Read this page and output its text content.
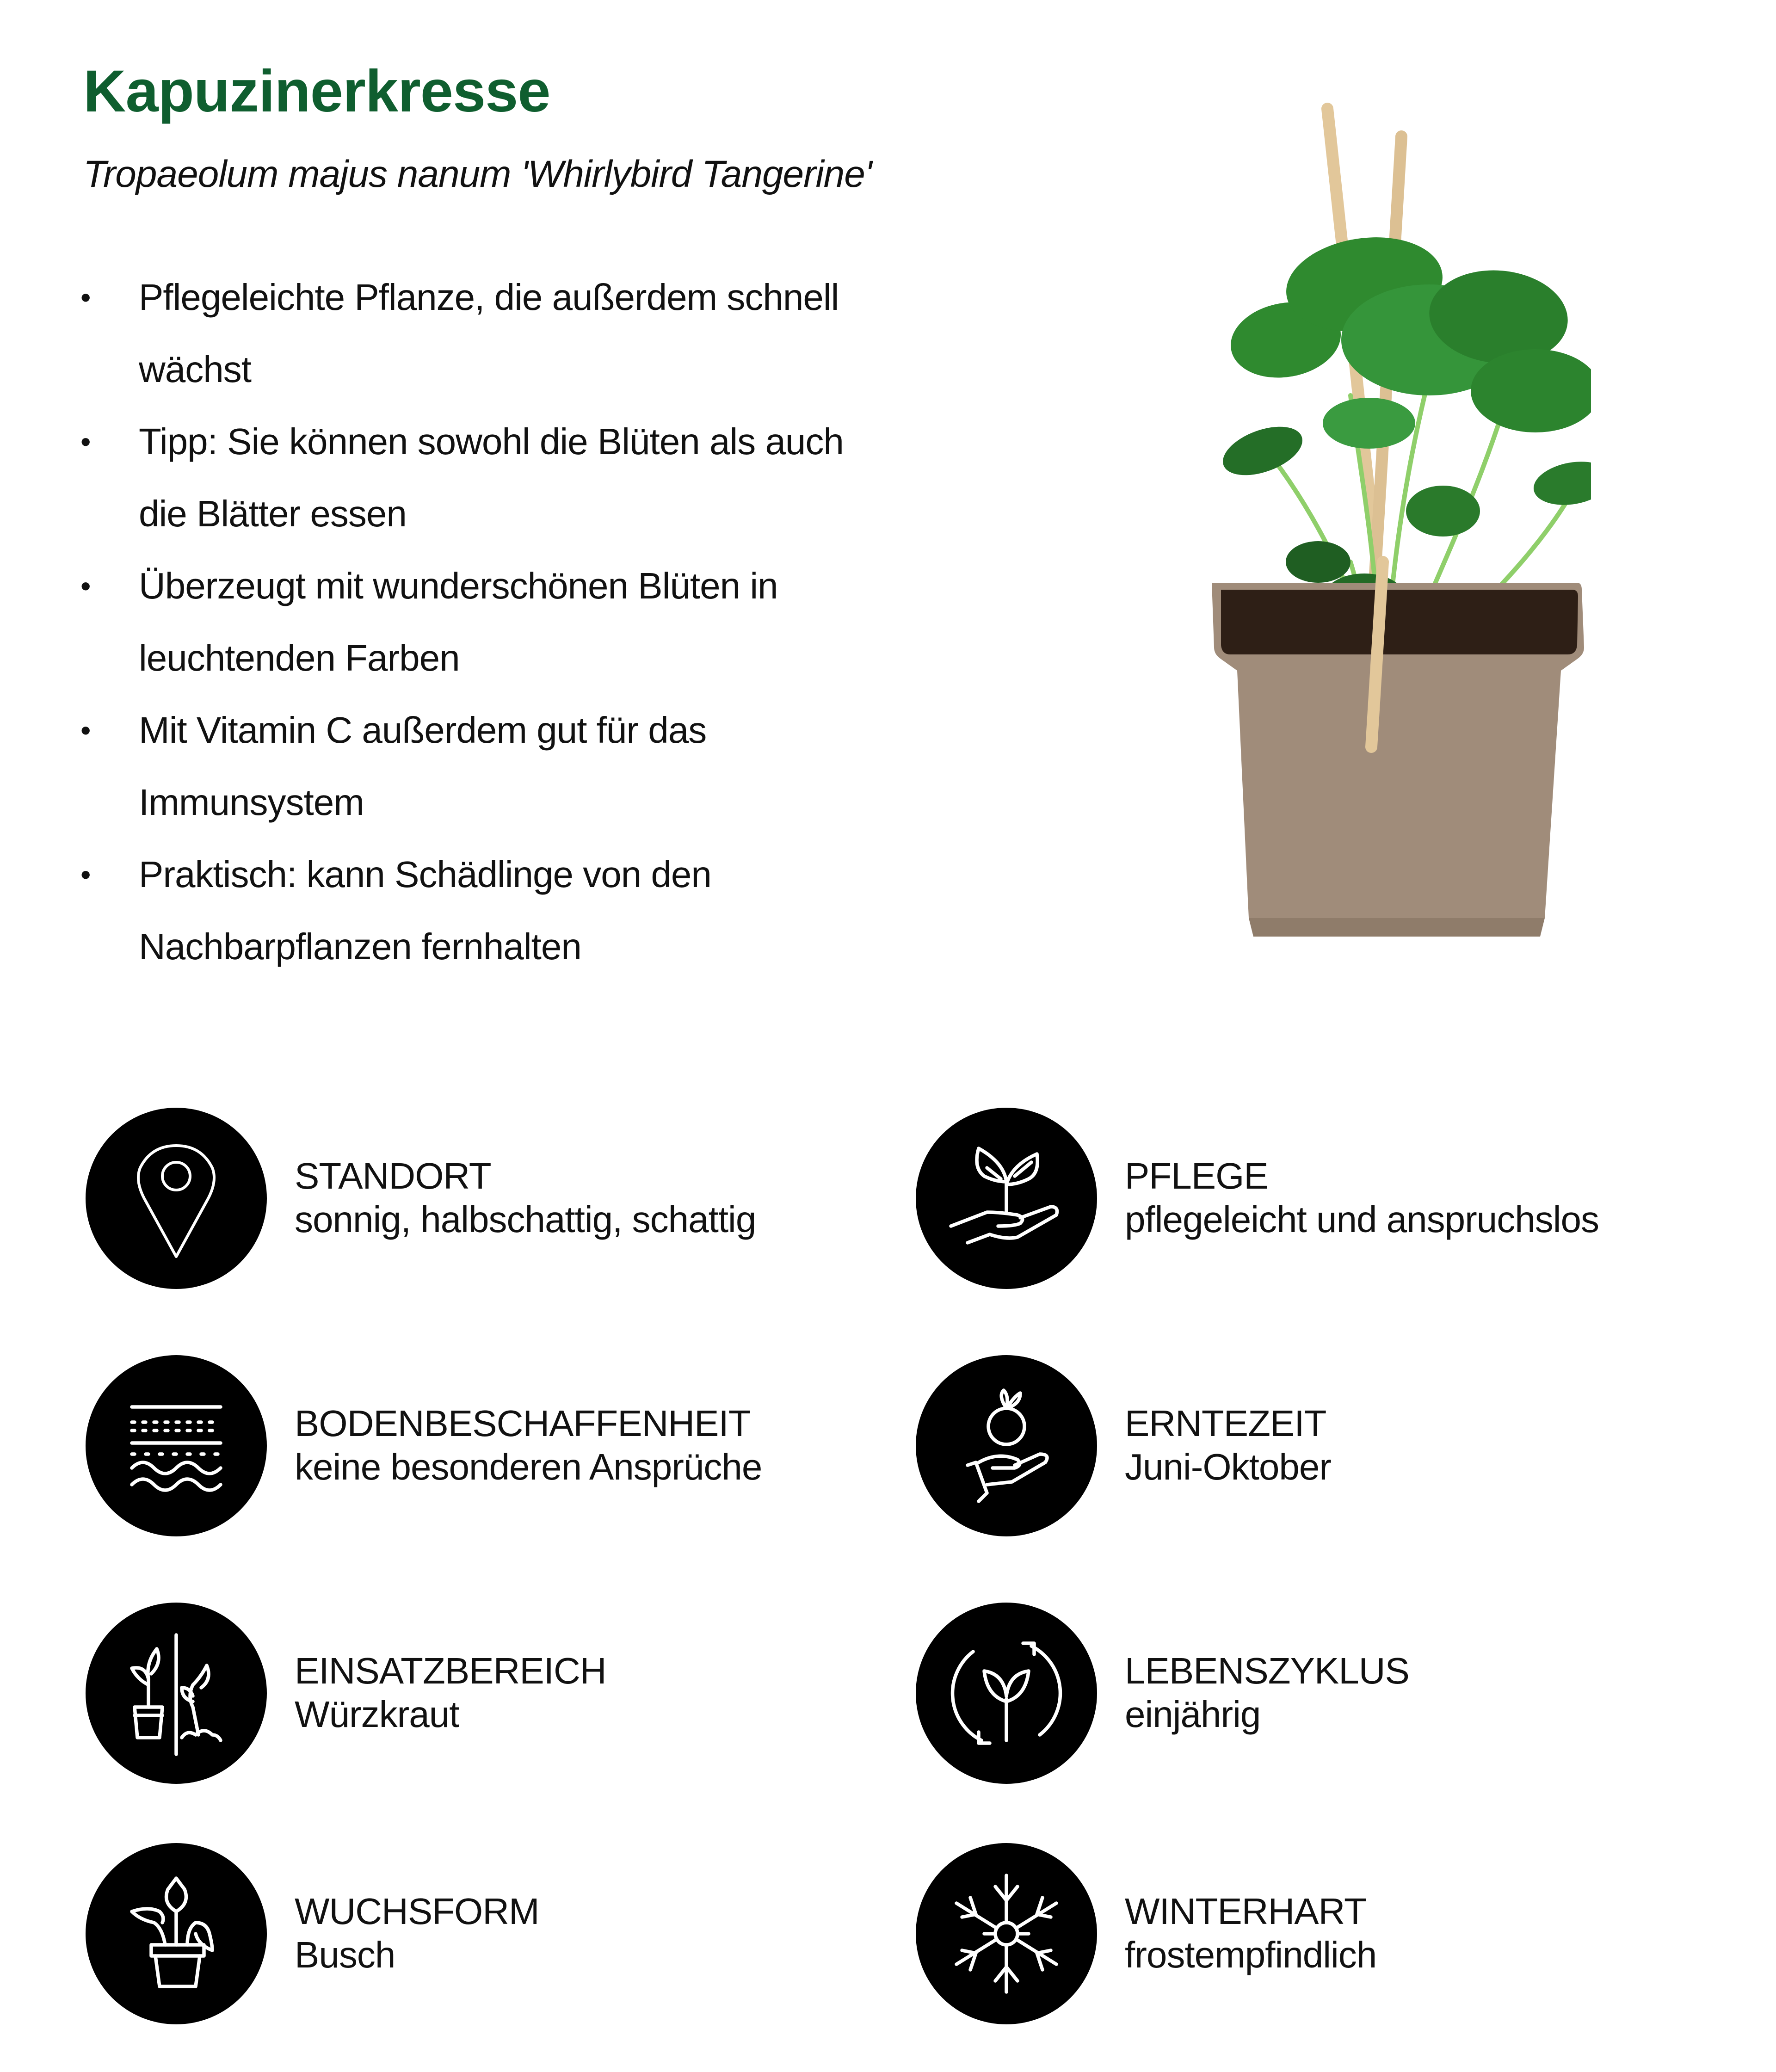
Kapuzinerkresse

Tropaeolum majus nanum 'Whirlybird Tangerine'

• Pflegeleichte Pflanze, die außerdem schnell wächst
• Tipp: Sie können sowohl die Blüten als auch die Blätter essen
• Überzeugt mit wunderschönen Blüten in leuchtenden Farben
• Mit Vitamin C außerdem gut für das Immunsystem
• Praktisch: kann Schädlinge von den Nachbarpflanzen fernhalten
STANDORT
sonnig, halbschattig, schattig
PFLEGE
pflegeleicht und anspruchslos
BODENBESCHAFFENHEIT
keine besonderen Ansprüche
ERNTEZEIT
Juni-Oktober
EINSATZBEREICH
Würzkraut
LEBENSZYKLUS
einjährig
WUCHSFORM
Busch
WINTERHART
frostempfindlich
